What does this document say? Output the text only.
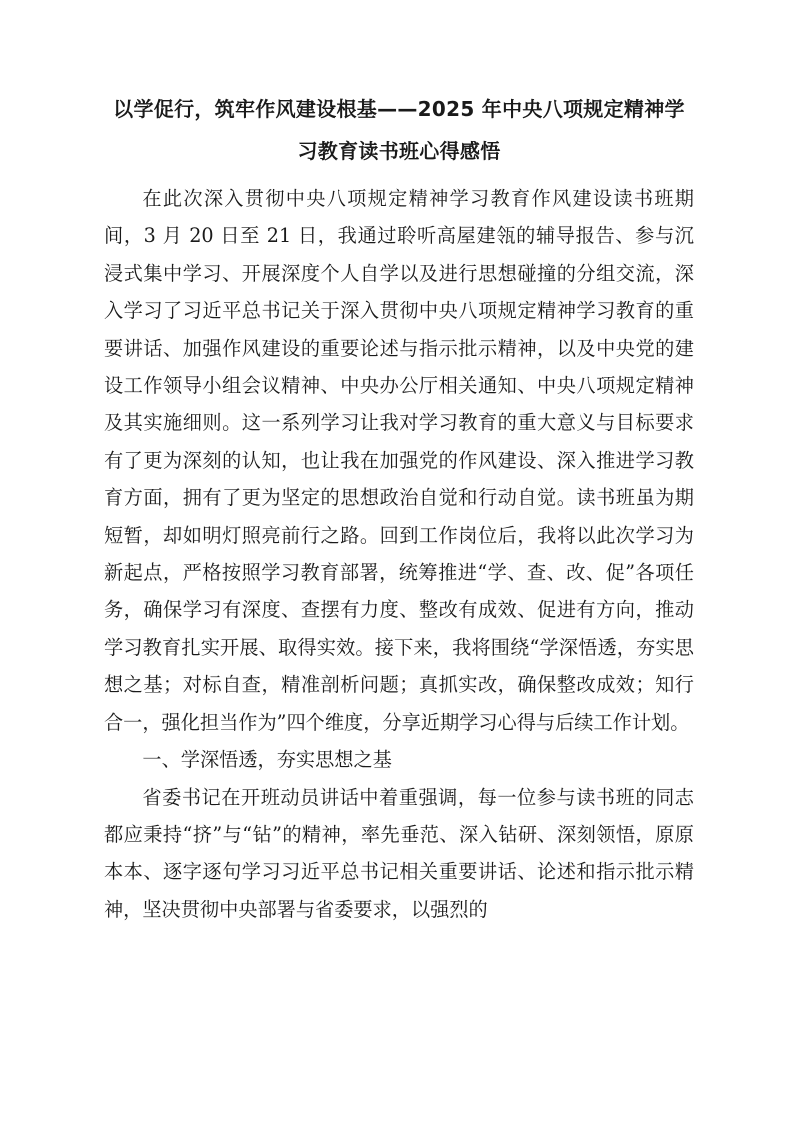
以学促行，筑牢作风建设根基——2025 年中央八项规定精神学
习教育读书班心得感悟

在此次深入贯彻中央八项规定精神学习教育作风建设读书班期间，3 月 20 日至 21 日，我通过聆听高屋建瓴的辅导报告、参与沉浸式集中学习、开展深度个人自学以及进行思想碰撞的分组交流，深入学习了习近平总书记关于深入贯彻中央八项规定精神学习教育的重要讲话、加强作风建设的重要论述与指示批示精神，以及中央党的建设工作领导小组会议精神、中央办公厅相关通知、中央八项规定精神及其实施细则。这一系列学习让我对学习教育的重大意义与目标要求有了更为深刻的认知，也让我在加强党的作风建设、深入推进学习教育方面，拥有了更为坚定的思想政治自觉和行动自觉。读书班虽为期短暂，却如明灯照亮前行之路。回到工作岗位后，我将以此次学习为新起点，严格按照学习教育部署，统筹推进“学、查、改、促”各项任务，确保学习有深度、查摆有力度、整改有成效、促进有方向，推动学习教育扎实开展、取得实效。接下来，我将围绕“学深悟透，夯实思想之基；对标自查，精准剖析问题；真抓实改，确保整改成效；知行合一，强化担当作为”四个维度，分享近期学习心得与后续工作计划。

一、学深悟透，夯实思想之基

省委书记在开班动员讲话中着重强调，每一位参与读书班的同志都应秉持“挤”与“钻”的精神，率先垂范、深入钻研、深刻领悟，原原本本、逐字逐句学习习近平总书记相关重要讲话、论述和指示批示精神，坚决贯彻中央部署与省委要求，以强烈的
